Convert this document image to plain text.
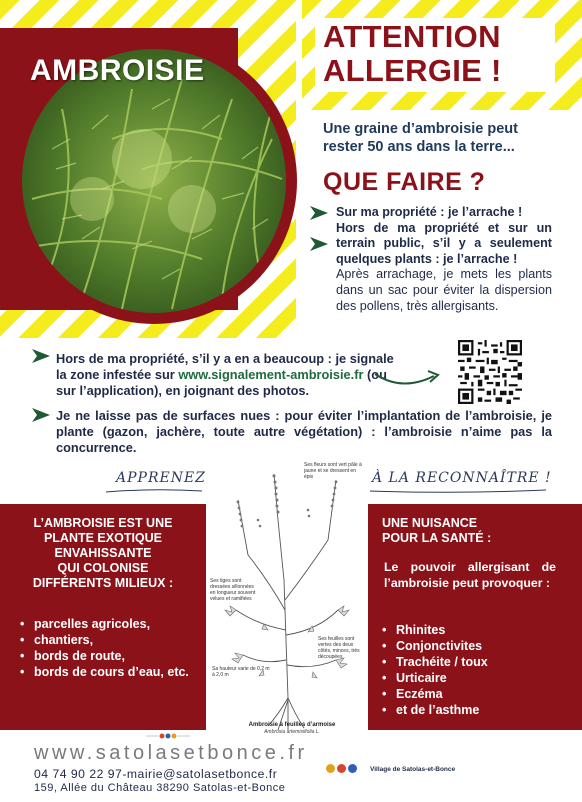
AMBROISIE
ATTENTION
ALLERGIE !
Une graine d’ambroisie peut rester 50 ans dans la terre...
QUE FAIRE ?
Sur ma propriété : je l’arrache !
Hors de ma propriété et sur un terrain public, s’il y a seulement quelques plants : je l’arrache !
Après arrachage, je mets les plants dans un sac pour éviter la dispersion des pollens, très allergisants.
Hors de ma propriété, s’il y a en a beaucoup : je signale la zone infestée sur www.signalement-ambroisie.fr (ou sur l’application), en joignant des photos.
Je ne laisse pas de surfaces nues : pour éviter l’implantation de l’ambroisie, je plante (gazon, jachère, toute autre végétation) : l’ambroisie n’aime pas la concurrence.
APPRENEZ	À LA RECONNAÎTRE !
L’AMBROISIE EST UNE
PLANTE EXOTIQUE
ENVAHISSANTE
QUI COLONISE
DIFFÉRENTS MILIEUX :
• parcelles agricoles,
• chantiers,
• bords de route,
• bords de cours d’eau, etc.
UNE NUISANCE
POUR LA SANTÉ :
Le pouvoir allergisant de l’ambroisie peut provoquer :
• Rhinites
• Conjonctivites
• Trachéite / toux
• Urticaire
• Eczéma
• et de l’asthme
Ses fleurs sont vert pâle à jaune et se dressent en épis
Ses tiges sont dressées sillonnées en longueur souvent velues et ramifiées
Ses feuilles sont vertes des deux côtés, minces, très découpées
Sa hauteur varie de 0,2 m à 2,0 m
Ambroisie à feuilles d’armoise
Ambrosia artemisiifolia L.
www.satolasetbonce.fr
04 74 90 22 97-mairie@satolasetbonce.fr
159, Allée du Château 38290 Satolas-et-Bonce
Village de Satolas-et-Bonce
